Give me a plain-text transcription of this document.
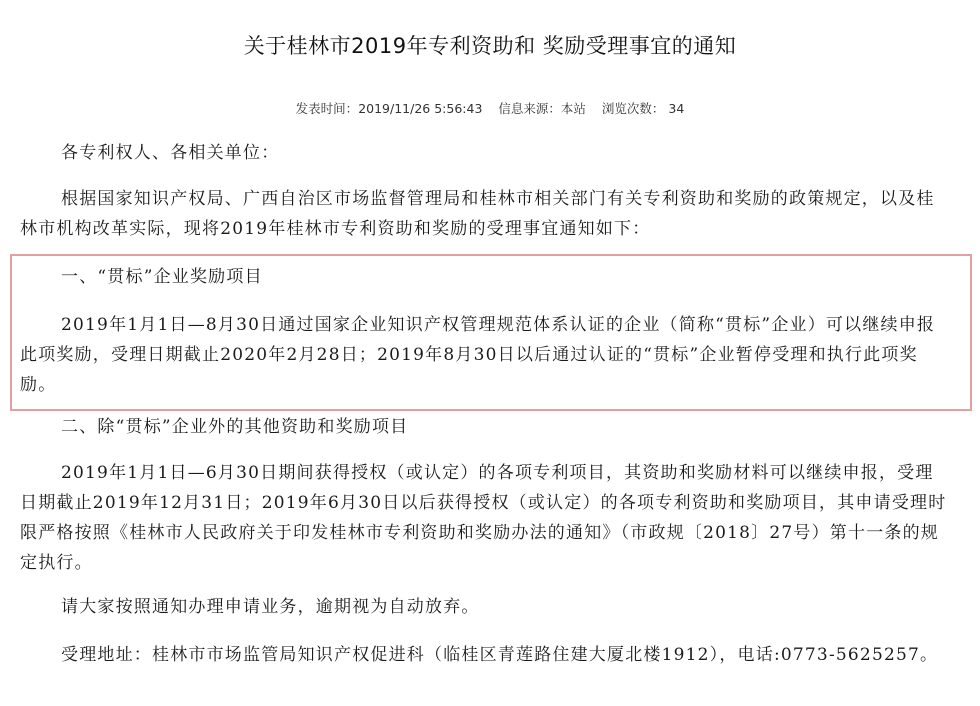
关于桂林市2019年专利资助和 奖励受理事宜的通知
发表时间：2019/11/26 5:56:43 信息来源：本站 浏览次数： 34
各专利权人、各相关单位：
根据国家知识产权局、广西自治区市场监督管理局和桂林市相关部门有关专利资助和奖励的政策规定，以及桂林市机构改革实际，现将2019年桂林市专利资助和奖励的受理事宜通知如下：
一、“贯标”企业奖励项目
2019年1月1日—8月30日通过国家企业知识产权管理规范体系认证的企业（简称“贯标”企业）可以继续申报此项奖励，受理日期截止2020年2月28日；2019年8月30日以后通过认证的“贯标”企业暂停受理和执行此项奖励。
二、除“贯标”企业外的其他资助和奖励项目
2019年1月1日—6月30日期间获得授权（或认定）的各项专利项目，其资助和奖励材料可以继续申报，受理日期截止2019年12月31日；2019年6月30日以后获得授权（或认定）的各项专利资助和奖励项目，其申请受理时限严格按照《桂林市人民政府关于印发桂林市专利资助和奖励办法的通知》（市政规〔2018〕27号）第十一条的规定执行。
请大家按照通知办理申请业务，逾期视为自动放弃。
受理地址：桂林市市场监管局知识产权促进科（临桂区青莲路住建大厦北楼1912），电话:0773-5625257。
